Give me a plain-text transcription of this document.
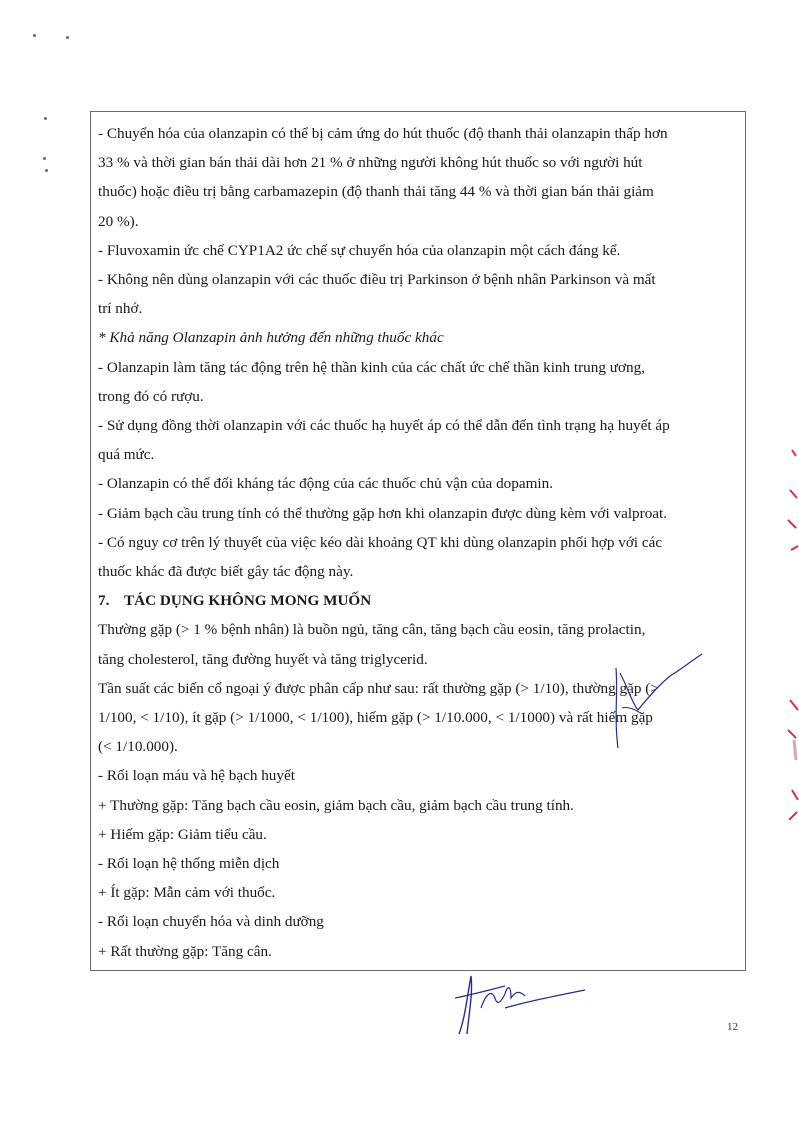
- Chuyển hóa của olanzapin có thể bị cảm ứng do hút thuốc (độ thanh thải olanzapin thấp hơn

33 % và thời gian bán thải dài hơn 21 % ở những người không hút thuốc so với người hút

thuốc) hoặc điều trị bằng carbamazepin (độ thanh thải tăng 44 % và thời gian bán thải giảm

20 %).

- Fluvoxamin ức chế CYP1A2 ức chế sự chuyển hóa của olanzapin một cách đáng kể.

- Không nên dùng olanzapin với các thuốc điều trị Parkinson ở bệnh nhân Parkinson và mất

trí nhớ.

* Khả năng Olanzapin ảnh hưởng đến những thuốc khác

- Olanzapin làm tăng tác động trên hệ thần kinh của các chất ức chế thần kinh trung ương,

trong đó có rượu.

- Sử dụng đồng thời olanzapin với các thuốc hạ huyết áp có thể dẫn đến tình trạng hạ huyết áp

quá mức.

- Olanzapin có thể đối kháng tác động của các thuốc chủ vận của dopamin.

- Giảm bạch cầu trung tính có thể thường gặp hơn khi olanzapin được dùng kèm với valproat.

- Có nguy cơ trên lý thuyết của việc kéo dài khoảng QT khi dùng olanzapin phối hợp với các

thuốc khác đã được biết gây tác động này.

7. TÁC DỤNG KHÔNG MONG MUỐN

Thường gặp (> 1 % bệnh nhân) là buồn ngủ, tăng cân, tăng bạch cầu eosin, tăng prolactin,

tăng cholesterol, tăng đường huyết và tăng triglycerid.

Tần suất các biến cố ngoại ý được phân cấp như sau: rất thường gặp (> 1/10), thường gặp (>

1/100, < 1/10), ít gặp (> 1/1000, < 1/100), hiếm gặp (> 1/10.000, < 1/1000) và rất hiếm gặp

(< 1/10.000).

- Rối loạn máu và hệ bạch huyết

+ Thường gặp: Tăng bạch cầu eosin, giảm bạch cầu, giảm bạch cầu trung tính.

+ Hiếm gặp: Giảm tiểu cầu.

- Rối loạn hệ thống miễn dịch

+ Ít gặp: Mẫn cảm với thuốc.

- Rối loạn chuyển hóa và dinh dưỡng

+ Rất thường gặp: Tăng cân.

12
